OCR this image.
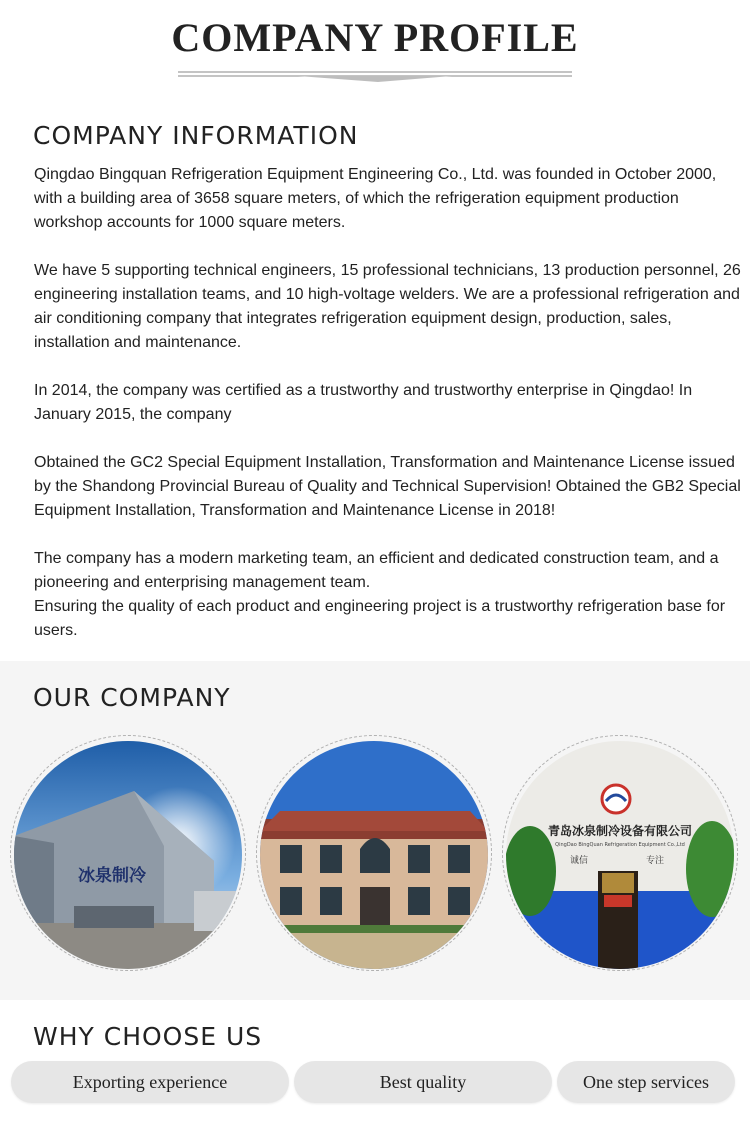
COMPANY PROFILE
COMPANY INFORMATION

Qingdao Bingquan Refrigeration Equipment Engineering Co., Ltd. was founded in October 2000, with a building area of 3658 square meters, of which the refrigeration equipment production workshop accounts for 1000 square meters.

We have 5 supporting technical engineers, 15 professional technicians, 13 production personnel, 26 engineering installation teams, and 10 high-voltage welders. We are a professional refrigeration and air conditioning company that integrates refrigeration equipment design, production, sales, installation and maintenance.

In 2014, the company was certified as a trustworthy and trustworthy enterprise in Qingdao! In January 2015, the company

Obtained the GC2 Special Equipment Installation, Transformation and Maintenance License issued by the Shandong Provincial Bureau of Quality and Technical Supervision! Obtained the GB2 Special Equipment Installation, Transformation and Maintenance License in 2018!

The company has a modern marketing team, an efficient and dedicated construction team, and a pioneering and enterprising management team.

Ensuring the quality of each product and engineering project is a trustworthy refrigeration base for users.

OUR COMPANY
冰泉制冷
青岛冰泉制冷设备有限公司
QingDao BingQuan Refrigeration Equipment Co.,Ltd
诚信	专注
WHY CHOOSE US
Exporting experience	Best quality	One step services
